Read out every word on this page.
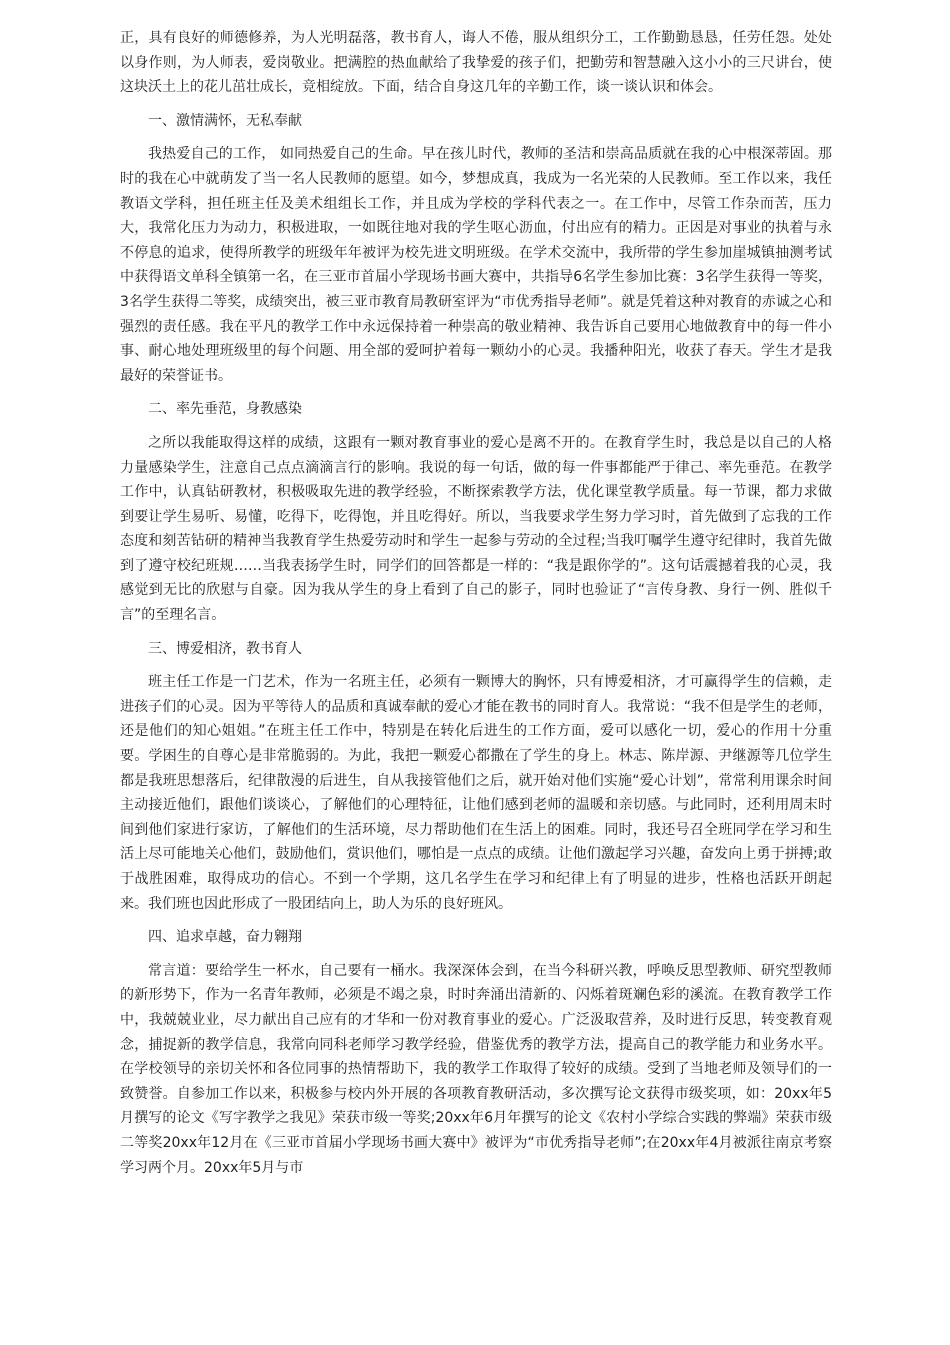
正，具有良好的师德修养，为人光明磊落，教书育人，诲人不倦，服从组织分工，工作勤勤恳恳，任劳任怨。处处以身作则，为人师表，爱岗敬业。把满腔的热血献给了我挚爱的孩子们，把勤劳和智慧融入这小小的三尺讲台，使这块沃土上的花儿茁壮成长，竞相绽放。下面，结合自身这几年的辛勤工作，谈一谈认识和体会。

一、激情满怀，无私奉献

我热爱自己的工作， 如同热爱自己的生命。早在孩儿时代，教师的圣洁和崇高品质就在我的心中根深蒂固。那时的我在心中就萌发了当一名人民教师的愿望。如今，梦想成真，我成为一名光荣的人民教师。至工作以来，我任教语文学科，担任班主任及美术组组长工作，并且成为学校的学科代表之一。在工作中，尽管工作杂而苦，压力大，我常化压力为动力，积极进取，一如既往地对我的学生呕心沥血，付出应有的精力。正因是对事业的执着与永不停息的追求，使得所教学的班级年年被评为校先进文明班级。在学术交流中，我所带的学生参加崖城镇抽测考试中获得语文单科全镇第一名，在三亚市首届小学现场书画大赛中，共指导6名学生参加比赛：3名学生获得一等奖，3名学生获得二等奖，成绩突出，被三亚市教育局教研室评为“市优秀指导老师”。就是凭着这种对教育的赤诚之心和强烈的责任感。我在平凡的教学工作中永远保持着一种崇高的敬业精神、我告诉自己要用心地做教育中的每一件小事、耐心地处理班级里的每个问题、用全部的爱呵护着每一颗幼小的心灵。我播种阳光，收获了春天。学生才是我最好的荣誉证书。

二、率先垂范，身教感染

之所以我能取得这样的成绩，这跟有一颗对教育事业的爱心是离不开的。在教育学生时，我总是以自己的人格力量感染学生，注意自己点点滴滴言行的影响。我说的每一句话，做的每一件事都能严于律己、率先垂范。在教学工作中，认真钻研教材，积极吸取先进的教学经验，不断探索教学方法，优化课堂教学质量。每一节课，都力求做到要让学生易听、易懂，吃得下，吃得饱，并且吃得好。所以，当我要求学生努力学习时，首先做到了忘我的工作态度和刻苦钻研的精神当我教育学生热爱劳动时和学生一起参与劳动的全过程;当我叮嘱学生遵守纪律时，我首先做到了遵守校纪班规……当我表扬学生时，同学们的回答都是一样的：“我是跟你学的”。这句话震撼着我的心灵，我感觉到无比的欣慰与自豪。因为我从学生的身上看到了自己的影子，同时也验证了“言传身教、身行一例、胜似千言”的至理名言。

三、博爱相济，教书育人

班主任工作是一门艺术，作为一名班主任，必须有一颗博大的胸怀，只有博爱相济，才可赢得学生的信赖，走进孩子们的心灵。因为平等待人的品质和真诚奉献的爱心才能在教书的同时育人。我常说：“我不但是学生的老师，还是他们的知心姐姐。”在班主任工作中，特别是在转化后进生的工作方面，爱可以感化一切，爱心的作用十分重要。学困生的自尊心是非常脆弱的。为此，我把一颗爱心都撒在了学生的身上。林志、陈岸源、尹继源等几位学生都是我班思想落后，纪律散漫的后进生，自从我接管他们之后，就开始对他们实施“爱心计划”，常常利用课余时间主动接近他们，跟他们谈谈心，了解他们的心理特征，让他们感到老师的温暖和亲切感。与此同时，还利用周末时间到他们家进行家访，了解他们的生活环境，尽力帮助他们在生活上的困难。同时，我还号召全班同学在学习和生活上尽可能地关心他们，鼓励他们，赏识他们，哪怕是一点点的成绩。让他们激起学习兴趣，奋发向上勇于拼搏;敢于战胜困难，取得成功的信心。不到一个学期，这几名学生在学习和纪律上有了明显的进步，性格也活跃开朗起来。我们班也因此形成了一股团结向上，助人为乐的良好班风。

四、追求卓越，奋力翱翔

常言道：要给学生一杯水，自己要有一桶水。我深深体会到，在当今科研兴教，呼唤反思型教师、研究型教师的新形势下，作为一名青年教师，必须是不竭之泉，时时奔涌出清新的、闪烁着斑斓色彩的溪流。在教育教学工作中，我兢兢业业，尽力献出自己应有的才华和一份对教育事业的爱心。广泛汲取营养，及时进行反思，转变教育观念，捕捉新的教学信息，我常向同科老师学习教学经验，借鉴优秀的教学方法，提高自己的教学能力和业务水平。在学校领导的亲切关怀和各位同事的热情帮助下，我的教学工作取得了较好的成绩。受到了当地老师及领导们的一致赞誉。自参加工作以来，积极参与校内外开展的各项教育教研活动，多次撰写论文获得市级奖项，如：20xx年5月撰写的论文《写字教学之我见》荣获市级一等奖;20xx年6月年撰写的论文《农村小学综合实践的弊端》荣获市级二等奖20xx年12月在《三亚市首届小学现场书画大赛中》被评为“市优秀指导老师”;在20xx年4月被派往南京考察学习两个月。20xx年5月与市
